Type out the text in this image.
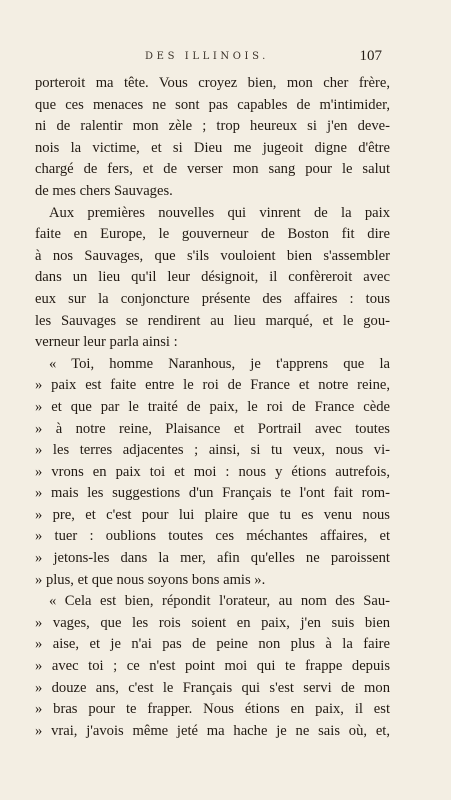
DES ILLINOIS.	107
porteroit ma tête. Vous croyez bien, mon cher frère,
que ces menaces ne sont pas capables de m'intimider,
ni de ralentir mon zèle ; trop heureux si j'en deve-
nois la victime, et si Dieu me jugeoit digne d'être
chargé de fers, et de verser mon sang pour le salut
de mes chers Sauvages.
Aux premières nouvelles qui vinrent de la paix
faite en Europe, le gouverneur de Boston fit dire
à nos Sauvages, que s'ils vouloient bien s'assembler
dans un lieu qu'il leur désignoit, il confèreroit avec
eux sur la conjoncture présente des affaires : tous
les Sauvages se rendirent au lieu marqué, et le gou-
verneur leur parla ainsi :
« Toi, homme Naranhous, je t'apprens que la
» paix est faite entre le roi de France et notre reine,
» et que par le traité de paix, le roi de France cède
» à notre reine, Plaisance et Portrail avec toutes
» les terres adjacentes ; ainsi, si tu veux, nous vi-
» vrons en paix toi et moi : nous y étions autrefois,
» mais les suggestions d'un Français te l'ont fait rom-
» pre, et c'est pour lui plaire que tu es venu nous
» tuer : oublions toutes ces méchantes affaires, et
» jetons-les dans la mer, afin qu'elles ne paroissent
» plus, et que nous soyons bons amis ».
« Cela est bien, répondit l'orateur, au nom des Sau-
» vages, que les rois soient en paix, j'en suis bien
» aise, et je n'ai pas de peine non plus à la faire
» avec toi ; ce n'est point moi qui te frappe depuis
» douze ans, c'est le Français qui s'est servi de mon
» bras pour te frapper. Nous étions en paix, il est
» vrai, j'avois même jeté ma hache je ne sais où, et,
